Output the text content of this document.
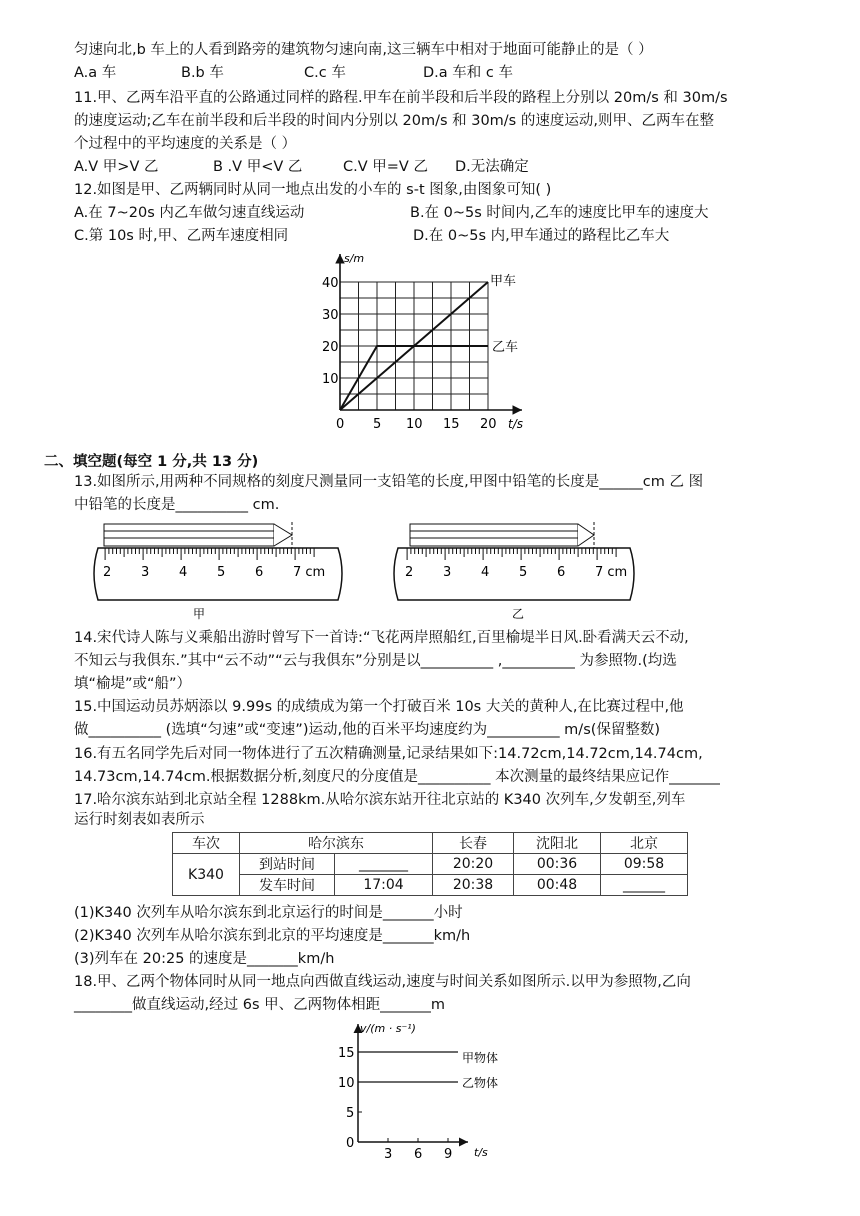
匀速向北,b 车上的人看到路旁的建筑物匀速向南,这三辆车中相对于地面可能静止的是（ ）
A.a 车	B.b 车	C.c 车	D.a 车和 c 车
11.甲、乙两车沿平直的公路通过同样的路程.甲车在前半段和后半段的路程上分别以 20m/s 和 30m/s
的速度运动;乙车在前半段和后半段的时间内分别以 20m/s 和 30m/s 的速度运动,则甲、乙两车在整
个过程中的平均速度的关系是（ ）
A.V 甲>V 乙	B .V 甲<V 乙	C.V 甲=V 乙 D.无法确定
12.如图是甲、乙两辆同时从同一地点出发的小车的 s-t 图象,由图象可知( )
A.在 7~20s 内乙车做匀速直线运动	B.在 0~5s 时间内,乙车的速度比甲车的速度大
C.第 10s 时,甲、乙两车速度相同	D.在 0~5s 内,甲车通过的路程比乙车大
10
20
30
40
0 5 10 15 20
s/m
t/s
甲车
乙车
二、填空题(每空 1 分,共 13 分)
13.如图所示,用两种不同规格的刻度尺测量同一支铅笔的长度,甲图中铅笔的长度是______cm 乙 图
中铅笔的长度是__________ cm.
2 3 4 5 6 7 cm
甲
2 3 4 5 6 7 cm
乙
14.宋代诗人陈与义乘船出游时曾写下一首诗:“飞花两岸照船红,百里榆堤半日风.卧看满天云不动,
不知云与我俱东.”其中“云不动”“云与我俱东”分别是以__________ ,__________ 为参照物.(均选
填“榆堤”或“船”）
15.中国运动员苏炳添以 9.99s 的成绩成为第一个打破百米 10s 大关的黄种人,在比赛过程中,他
做__________ (选填“匀速”或“变速”)运动,他的百米平均速度约为__________ m/s(保留整数)
16.有五名同学先后对同一物体进行了五次精确测量,记录结果如下:14.72cm,14.72cm,14.74cm,
14.73cm,14.74cm.根据数据分析,刻度尺的分度值是__________ 本次测量的最终结果应记作_______
17.哈尔滨东站到北京站全程 1288km.从哈尔滨东站开往北京站的 K340 次列车,夕发朝至,列车
运行时刻表如表所示
车次	哈尔滨东		长春	沈阳北	北京
K340	到站时间	_______	20:20	00:36	09:58
	发车时间	17:04	20:38	00:48	______
(1)K340 次列车从哈尔滨东到北京运行的时间是_______小时
(2)K340 次列车从哈尔滨东到北京的平均速度是_______km/h
(3)列车在 20:25 的速度是_______km/h
18.甲、乙两个物体同时从同一地点向西做直线运动,速度与时间关系如图所示.以甲为参照物,乙向
________做直线运动,经过 6s 甲、乙两物体相距_______m
0
5
10
15
3 6 9
v/(m · s⁻¹)
t/s
甲物体
乙物体
